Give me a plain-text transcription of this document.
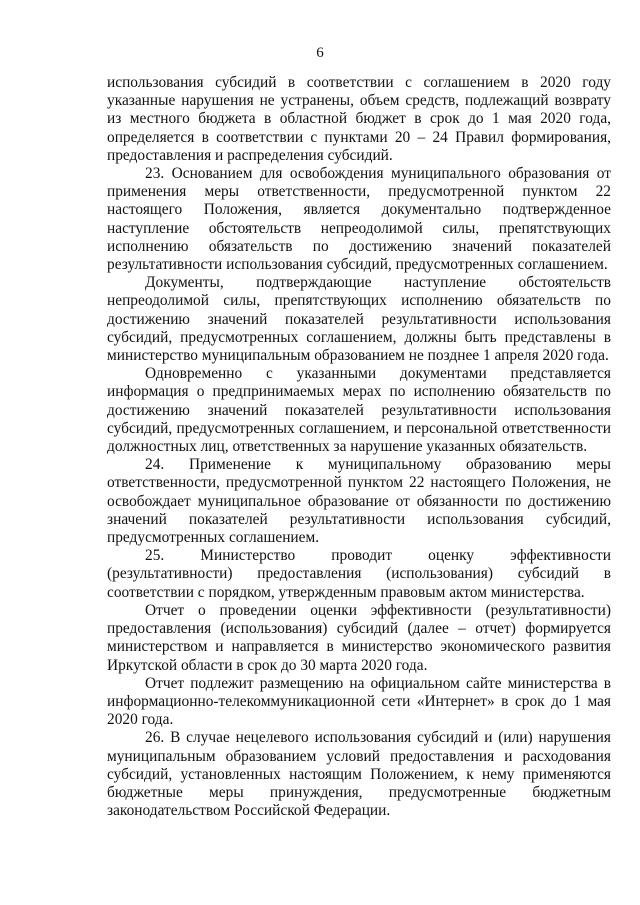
6

использования субсидий в соответствии с соглашением в 2020 году указанные нарушения не устранены, объем средств, подлежащий возврату из местного бюджета в областной бюджет в срок до 1 мая 2020 года, определяется в соответствии с пунктами 20 – 24 Правил формирования, предоставления и распределения субсидий.

23. Основанием для освобождения муниципального образования от применения меры ответственности, предусмотренной пунктом 22 настоящего Положения, является документально подтвержденное наступление обстоятельств непреодолимой силы, препятствующих исполнению обязательств по достижению значений показателей результативности использования субсидий, предусмотренных соглашением.

Документы, подтверждающие наступление обстоятельств непреодолимой силы, препятствующих исполнению обязательств по достижению значений показателей результативности использования субсидий, предусмотренных соглашением, должны быть представлены в министерство муниципальным образованием не позднее 1 апреля 2020 года.

Одновременно с указанными документами представляется информация о предпринимаемых мерах по исполнению обязательств по достижению значений показателей результативности использования субсидий, предусмотренных соглашением, и персональной ответственности должностных лиц, ответственных за нарушение указанных обязательств.

24. Применение к муниципальному образованию меры ответственности, предусмотренной пунктом 22 настоящего Положения, не освобождает муниципальное образование от обязанности по достижению значений показателей результативности использования субсидий, предусмотренных соглашением.

25. Министерство проводит оценку эффективности (результативности) предоставления (использования) субсидий в соответствии с порядком, утвержденным правовым актом министерства.

Отчет о проведении оценки эффективности (результативности) предоставления (использования) субсидий (далее – отчет) формируется министерством и направляется в министерство экономического развития Иркутской области в срок до 30 марта 2020 года.

Отчет подлежит размещению на официальном сайте министерства в информационно-телекоммуникационной сети «Интернет» в срок до 1 мая 2020 года.

26. В случае нецелевого использования субсидий и (или) нарушения муниципальным образованием условий предоставления и расходования субсидий, установленных настоящим Положением, к нему применяются бюджетные меры принуждения, предусмотренные бюджетным законодательством Российской Федерации.
